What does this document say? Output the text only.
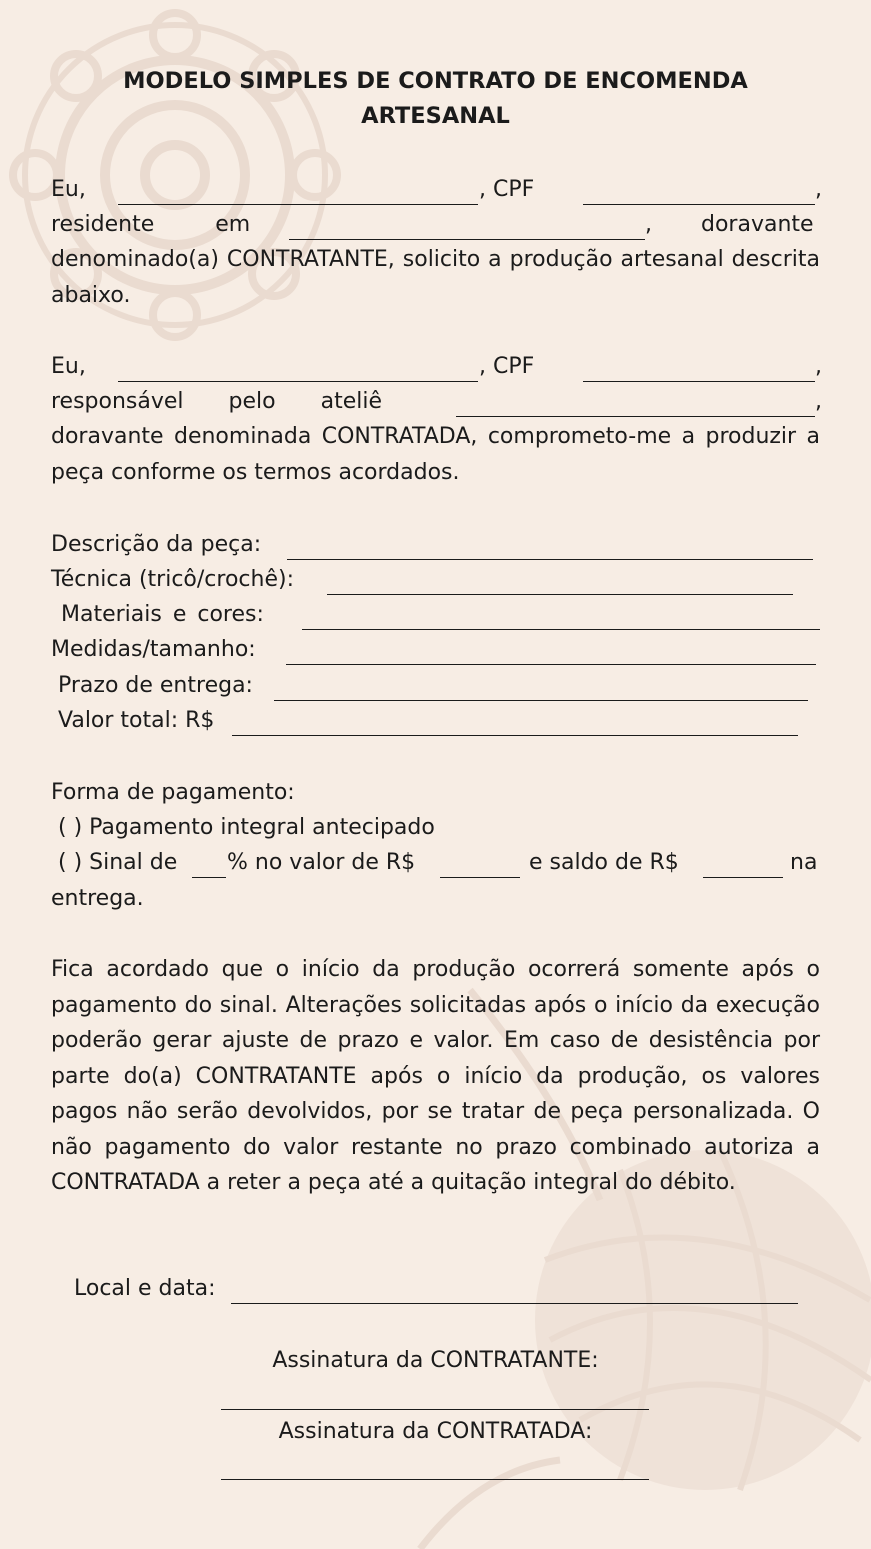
MODELO SIMPLES DE CONTRATO DE ENCOMENDA
ARTESANAL
Eu,	, CPF	,
residente em	, doravante
denominado(a) CONTRATANTE, solicito a produção artesanal descrita abaixo.
Eu,	, CPF	,
responsável pelo ateliê	,
doravante denominada CONTRATADA, comprometo-me a produzir a peça conforme os termos acordados.
Descrição da peça:
Técnica (tricô/crochê):
Materiais e cores:
Medidas/tamanho:
Prazo de entrega:
Valor total: R$
Forma de pagamento:
( ) Pagamento integral antecipado
( ) Sinal de % no valor de R$	e saldo de R$	na
entrega.
Fica acordado que o início da produção ocorrerá somente após o pagamento do sinal. Alterações solicitadas após o início da execução poderão gerar ajuste de prazo e valor. Em caso de desistência por parte do(a) CONTRATANTE após o início da produção, os valores pagos não serão devolvidos, por se tratar de peça personalizada. O não pagamento do valor restante no prazo combinado autoriza a CONTRATADA a reter a peça até a quitação integral do débito.
Local e data:
Assinatura da CONTRATANTE:
Assinatura da CONTRATADA:
